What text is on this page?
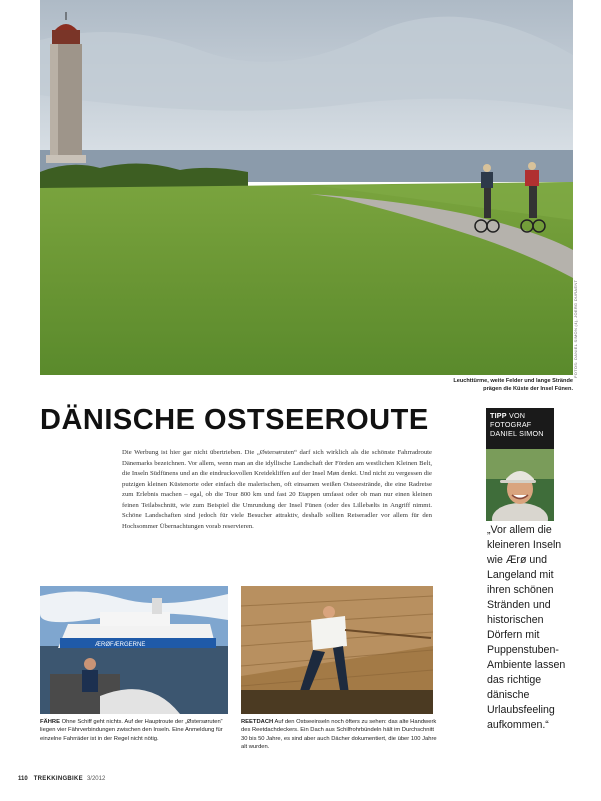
FOTOS: DANIEL SIMON (4), JOERG DURAENT
Leuchttürme, weite Felder und lange Strände
prägen die Küste der Insel Fünen.
DÄNISCHE OSTSEEROUTE

Die Werbung ist hier gar nicht übertrieben. Die „Østersøruten“ darf sich wirklich als die schönste Fahrradroute Dänemarks bezeichnen. Vor allem, wenn man an die idyllische Landschaft der Förden am westlichen Kleinen Belt, die Inseln Südfünens und an die eindrucksvollen Kreidekliffen auf der Insel Møn denkt. Und nicht zu vergessen die putzigen kleinen Küstenorte oder einfach die malerischen, oft einsamen weißen Ostseestrände, die eine Radreise zum Erlebnis machen – egal, ob die Tour 800 km und fast 20 Etappen umfasst oder ob man nur einen kleinen feinen Teilabschnitt, wie zum Beispiel die Umrundung der Insel Fünen (oder des Lillebælts in Angriff nimmt. Schöne Landschaften sind jedoch für viele Besucher attraktiv, deshalb sollten Reiseradler vor allem für den Hochsommer Übernachtungen vorab reservieren.

TIPP VON
FOTOGRAF
DANIEL SIMON

„Vor allem die kleineren Inseln wie Ærø und Langeland mit ihren schönen Stränden und historischen Dörfern mit Puppenstuben-Ambiente lassen das richtige dänische Urlaubsfeeling aufkommen.“

ÆRØFÆRGERNE

FÄHRE Ohne Schiff geht nichts. Auf der Hauptroute der „Østersøruten“ liegen vier Fährverbindungen zwischen den Inseln. Eine Anmeldung für einzelne Fahrräder ist in der Regel nicht nötig.

REETDACH Auf den Ostseeinseln noch öfters zu sehen: das alte Handwerk des Reetdachdeckers. Ein Dach aus Schilfrohrbündeln hält im Durchschnitt 30 bis 50 Jahre, es sind aber auch Dächer dokumentiert, die über 100 Jahre alt wurden.

110 TREKKINGBIKE 3/2012
